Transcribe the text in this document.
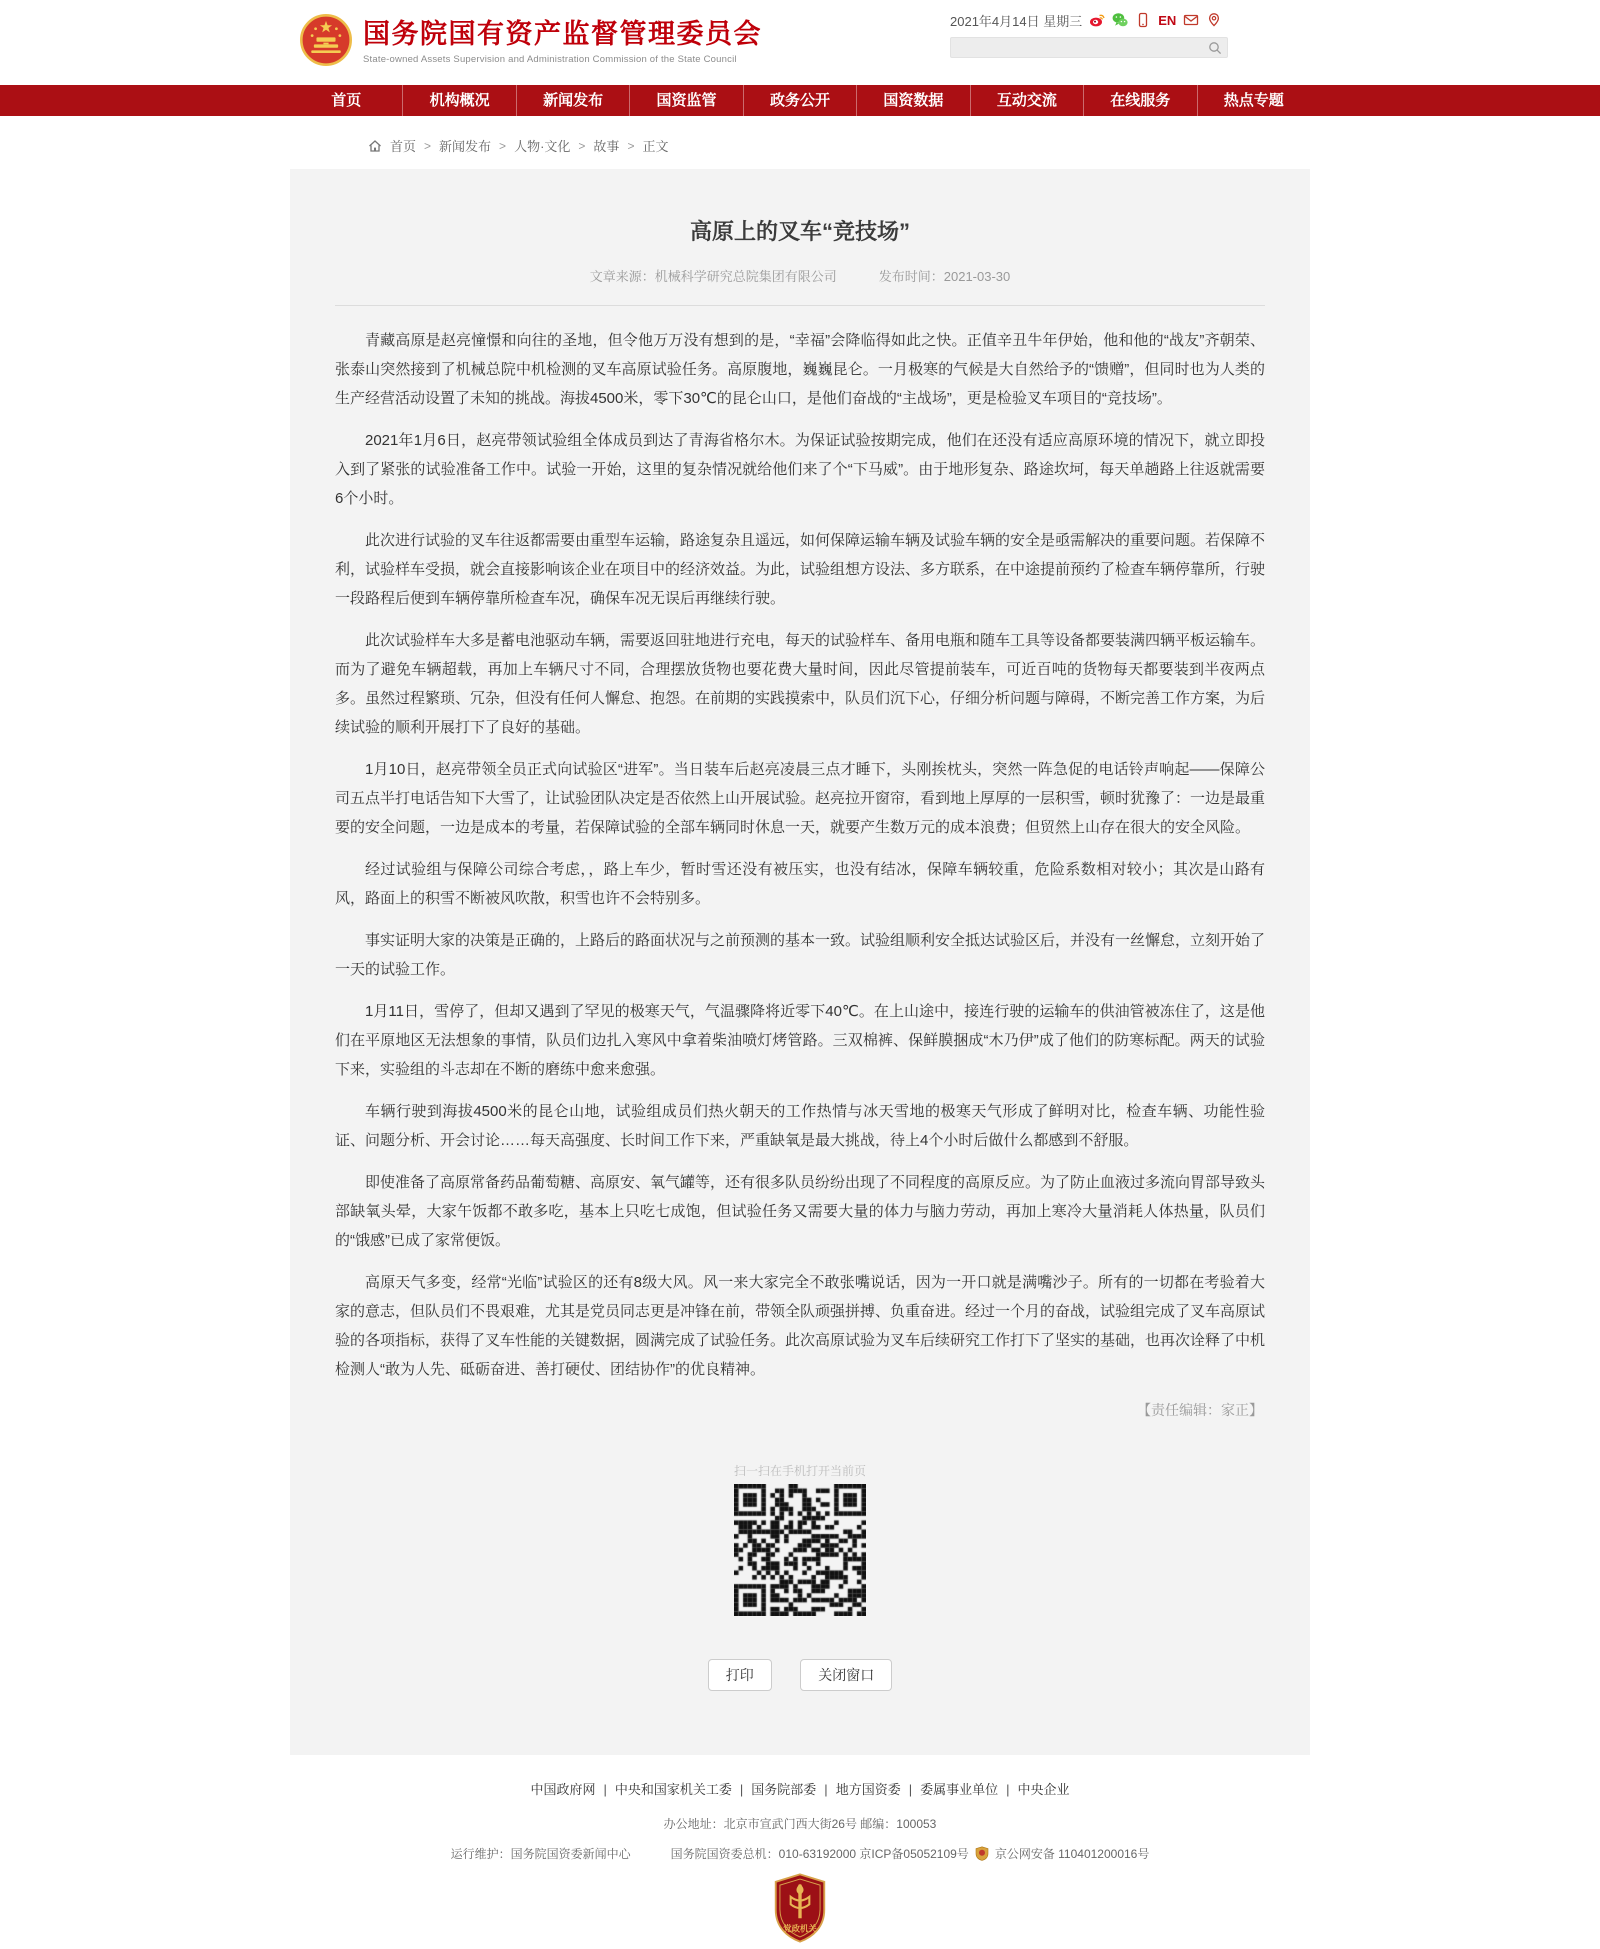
国务院国有资产监督管理委员会
State-owned Assets Supervision and Administration Commission of the State Council
2021年4月14日 星期三	EN
首页	机构概况	新闻发布	国资监管	政务公开	国资数据	互动交流	在线服务	热点专题
首页 > 新闻发布 > 人物·文化 > 故事 > 正文
高原上的叉车“竞技场”
文章来源：机械科学研究总院集团有限公司	发布时间：2021-03-30

青藏高原是赵亮憧憬和向往的圣地，但令他万万没有想到的是，“幸福”会降临得如此之快。正值辛丑牛年伊始，他和他的“战友”齐朝荣、张泰山突然接到了机械总院中机检测的叉车高原试验任务。高原腹地，巍巍昆仑。一月极寒的气候是大自然给予的“馈赠”，但同时也为人类的生产经营活动设置了未知的挑战。海拔4500米，零下30℃的昆仑山口，是他们奋战的“主战场”，更是检验叉车项目的“竞技场”。

2021年1月6日，赵亮带领试验组全体成员到达了青海省格尔木。为保证试验按期完成，他们在还没有适应高原环境的情况下，就立即投入到了紧张的试验准备工作中。试验一开始，这里的复杂情况就给他们来了个“下马威”。由于地形复杂、路途坎坷，每天单趟路上往返就需要6个小时。

此次进行试验的叉车往返都需要由重型车运输，路途复杂且遥远，如何保障运输车辆及试验车辆的安全是亟需解决的重要问题。若保障不利，试验样车受损，就会直接影响该企业在项目中的经济效益。为此，试验组想方设法、多方联系，在中途提前预约了检查车辆停靠所，行驶一段路程后便到车辆停靠所检查车况，确保车况无误后再继续行驶。

此次试验样车大多是蓄电池驱动车辆，需要返回驻地进行充电，每天的试验样车、备用电瓶和随车工具等设备都要装满四辆平板运输车。而为了避免车辆超载，再加上车辆尺寸不同，合理摆放货物也要花费大量时间，因此尽管提前装车，可近百吨的货物每天都要装到半夜两点多。虽然过程繁琐、冗杂，但没有任何人懈怠、抱怨。在前期的实践摸索中，队员们沉下心，仔细分析问题与障碍，不断完善工作方案，为后续试验的顺利开展打下了良好的基础。

1月10日，赵亮带领全员正式向试验区“进军”。当日装车后赵亮凌晨三点才睡下，头刚挨枕头，突然一阵急促的电话铃声响起——保障公司五点半打电话告知下大雪了，让试验团队决定是否依然上山开展试验。赵亮拉开窗帘，看到地上厚厚的一层积雪，顿时犹豫了：一边是最重要的安全问题，一边是成本的考量，若保障试验的全部车辆同时休息一天，就要产生数万元的成本浪费；但贸然上山存在很大的安全风险。

经过试验组与保障公司综合考虑，，路上车少，暂时雪还没有被压实，也没有结冰，保障车辆较重，危险系数相对较小；其次是山路有风，路面上的积雪不断被风吹散，积雪也许不会特别多。

事实证明大家的决策是正确的，上路后的路面状况与之前预测的基本一致。试验组顺利安全抵达试验区后，并没有一丝懈怠，立刻开始了一天的试验工作。

1月11日，雪停了，但却又遇到了罕见的极寒天气，气温骤降将近零下40℃。在上山途中，接连行驶的运输车的供油管被冻住了，这是他们在平原地区无法想象的事情，队员们边扎入寒风中拿着柴油喷灯烤管路。三双棉裤、保鲜膜捆成“木乃伊”成了他们的防寒标配。两天的试验下来，实验组的斗志却在不断的磨练中愈来愈强。

车辆行驶到海拔4500米的昆仑山地，试验组成员们热火朝天的工作热情与冰天雪地的极寒天气形成了鲜明对比，检查车辆、功能性验证、问题分析、开会讨论……每天高强度、长时间工作下来，严重缺氧是最大挑战，待上4个小时后做什么都感到不舒服。

即使准备了高原常备药品葡萄糖、高原安、氧气罐等，还有很多队员纷纷出现了不同程度的高原反应。为了防止血液过多流向胃部导致头部缺氧头晕，大家午饭都不敢多吃，基本上只吃七成饱，但试验任务又需要大量的体力与脑力劳动，再加上寒冷大量消耗人体热量，队员们的“饿感”已成了家常便饭。

高原天气多变，经常“光临”试验区的还有8级大风。风一来大家完全不敢张嘴说话，因为一开口就是满嘴沙子。所有的一切都在考验着大家的意志，但队员们不畏艰难，尤其是党员同志更是冲锋在前，带领全队顽强拼搏、负重奋进。经过一个月的奋战，试验组完成了叉车高原试验的各项指标，获得了叉车性能的关键数据，圆满完成了试验任务。此次高原试验为叉车后续研究工作打下了坚实的基础，也再次诠释了中机检测人“敢为人先、砥砺奋进、善打硬仗、团结协作”的优良精神。

【责任编辑：家正】
扫一扫在手机打开当前页
打印	关闭窗口
中国政府网 | 中央和国家机关工委 | 国务院部委 | 地方国资委 | 委属事业单位 | 中央企业
办公地址：北京市宣武门西大街26号 邮编：100053
运行维护：国务院国资委新闻中心	国务院国资委总机：010-63192000 京ICP备05052109号 京公网安备 110401200016号
党政机关
